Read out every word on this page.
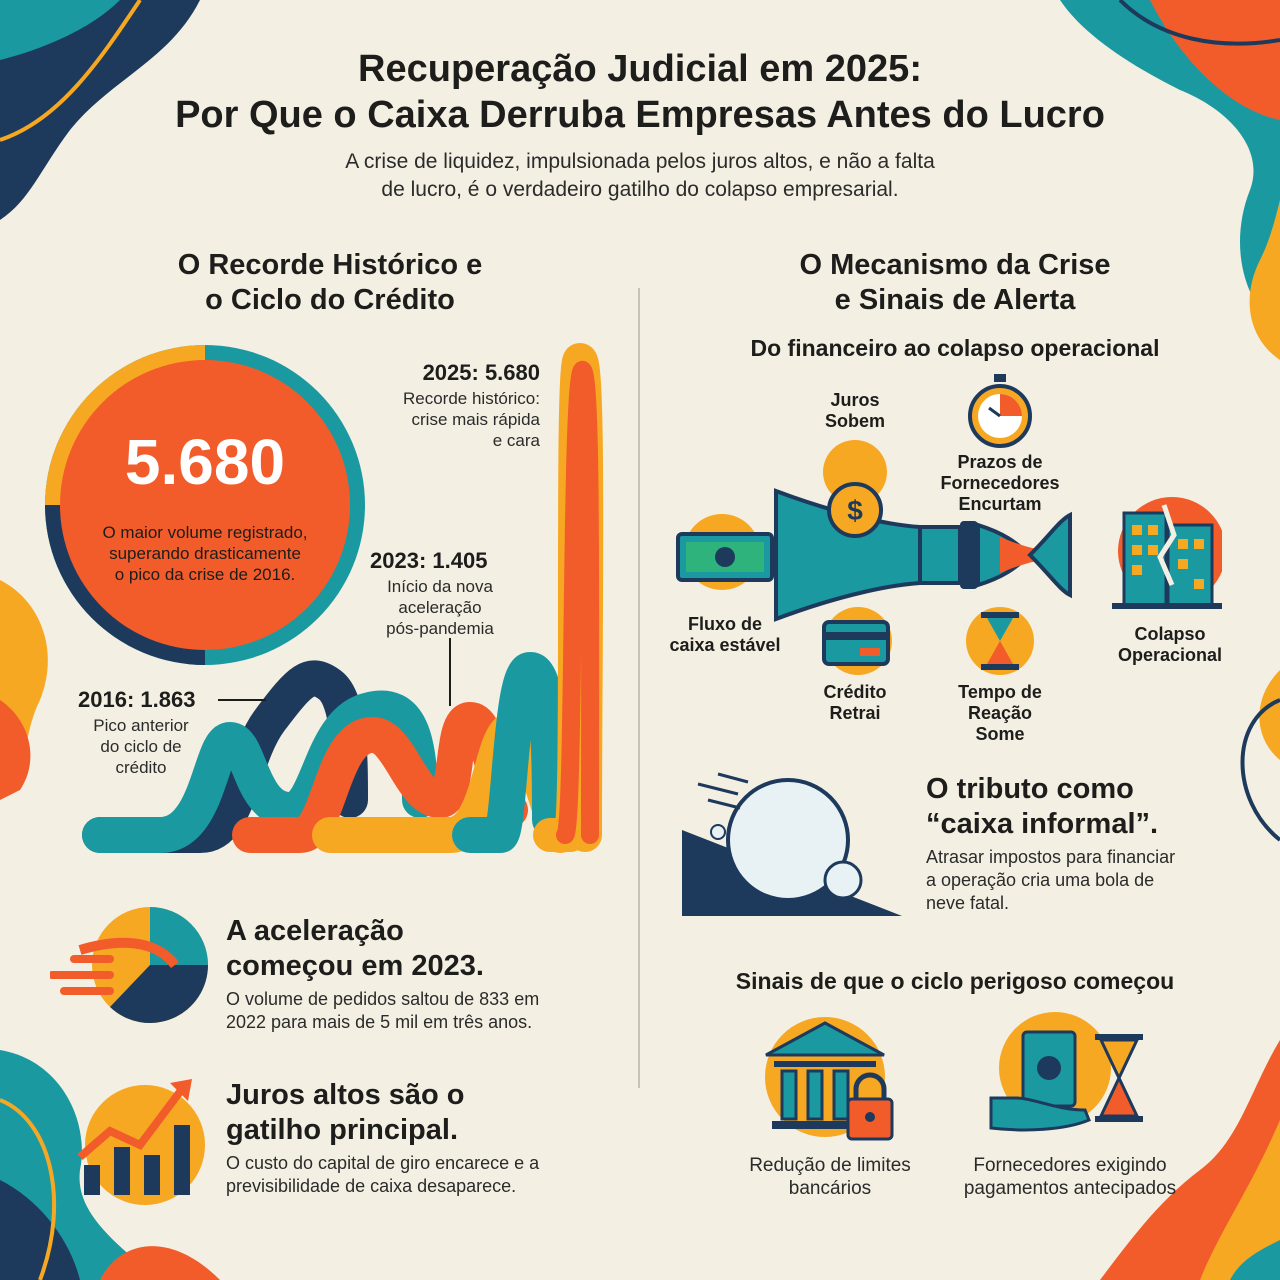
Recuperação Judicial em 2025:
Por Que o Caixa Derruba Empresas Antes do Lucro
A crise de liquidez, impulsionada pelos juros altos, e não a falta
de lucro, é o verdadeiro gatilho do colapso empresarial.
O Recorde Histórico e
o Ciclo do Crédito
5.680
O maior volume registrado,
superando drasticamente
o pico da crise de 2016.
2025: 5.680
Recorde histórico:
crise mais rápida
e cara
2023: 1.405
Início da nova
aceleração
pós-pandemia
2016: 1.863
Pico anterior
do ciclo de
crédito
A aceleração
começou em 2023.
O volume de pedidos saltou de 833 em
2022 para mais de 5 mil em três anos.
Juros altos são o
gatilho principal.
O custo do capital de giro encarece e a
previsibilidade de caixa desaparece.
O Mecanismo da Crise
e Sinais de Alerta
Do financeiro ao colapso operacional
$
Juros
Sobem
Prazos de
Fornecedores
Encurtam
Fluxo de
caixa estável
Crédito
Retrai
Tempo de
Reação
Some
Colapso
Operacional
O tributo como
“caixa informal”.
Atrasar impostos para financiar
a operação cria uma bola de
neve fatal.
Sinais de que o ciclo perigoso começou
Redução de limites
bancários
Fornecedores exigindo
pagamentos antecipados
